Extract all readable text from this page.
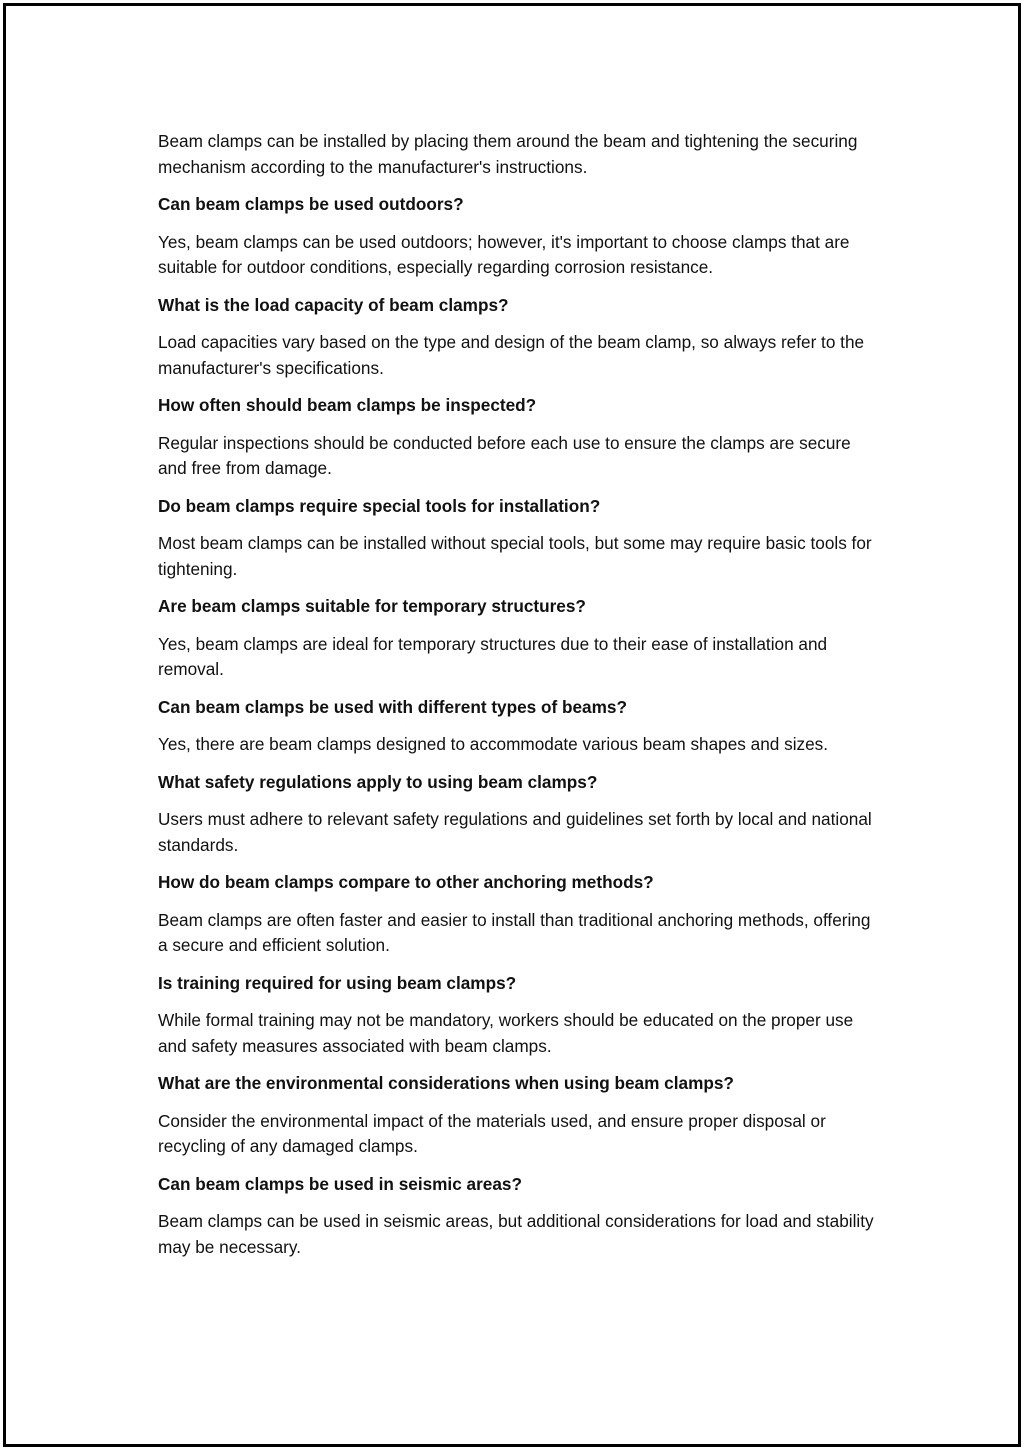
Beam clamps can be installed by placing them around the beam and tightening the securing mechanism according to the manufacturer's instructions.

Can beam clamps be used outdoors?

Yes, beam clamps can be used outdoors; however, it's important to choose clamps that are suitable for outdoor conditions, especially regarding corrosion resistance.

What is the load capacity of beam clamps?

Load capacities vary based on the type and design of the beam clamp, so always refer to the manufacturer's specifications.

How often should beam clamps be inspected?

Regular inspections should be conducted before each use to ensure the clamps are secure and free from damage.

Do beam clamps require special tools for installation?

Most beam clamps can be installed without special tools, but some may require basic tools for tightening.

Are beam clamps suitable for temporary structures?

Yes, beam clamps are ideal for temporary structures due to their ease of installation and removal.

Can beam clamps be used with different types of beams?

Yes, there are beam clamps designed to accommodate various beam shapes and sizes.

What safety regulations apply to using beam clamps?

Users must adhere to relevant safety regulations and guidelines set forth by local and national standards.

How do beam clamps compare to other anchoring methods?

Beam clamps are often faster and easier to install than traditional anchoring methods, offering a secure and efficient solution.

Is training required for using beam clamps?

While formal training may not be mandatory, workers should be educated on the proper use and safety measures associated with beam clamps.

What are the environmental considerations when using beam clamps?

Consider the environmental impact of the materials used, and ensure proper disposal or recycling of any damaged clamps.

Can beam clamps be used in seismic areas?

Beam clamps can be used in seismic areas, but additional considerations for load and stability may be necessary.
